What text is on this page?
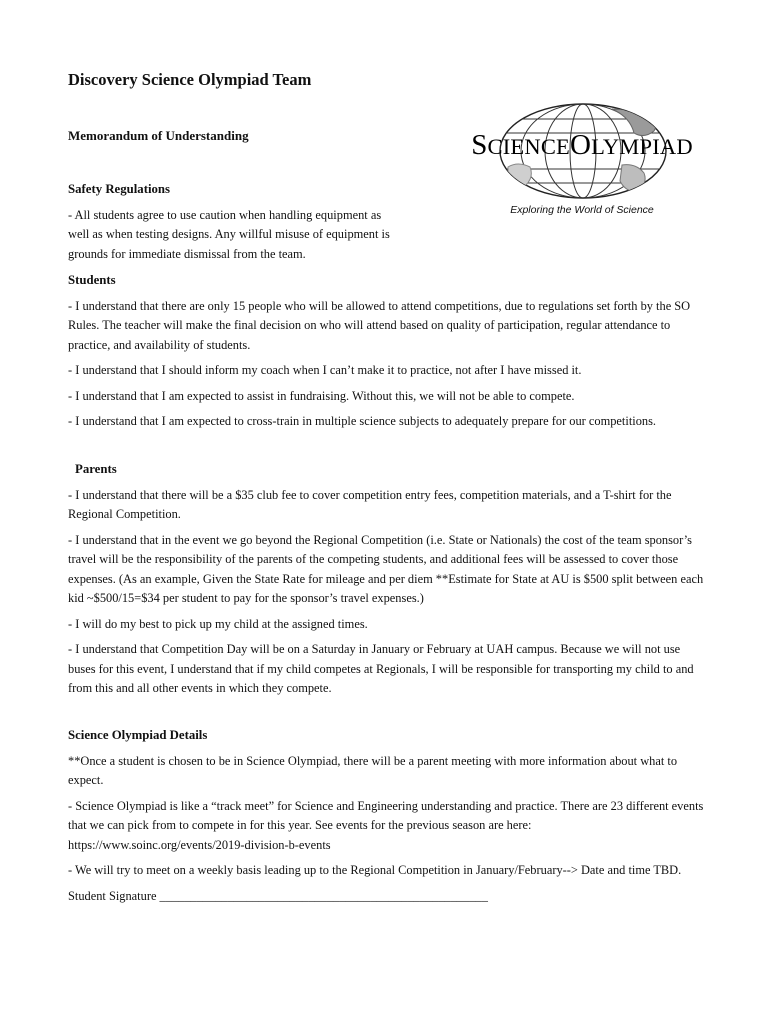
Discovery Science Olympiad Team
Memorandum of Understanding	SCIENCEOLYMPIAD
Exploring the World of Science
Safety Regulations
- All students agree to use caution when handling equipment as
well as when testing designs. Any willful misuse of equipment is
grounds for immediate dismissal from the team.
Students
- I understand that there are only 15 people who will be allowed to attend competitions, due to regulations set forth by the SO Rules. The teacher will make the final decision on who will attend based on quality of participation, regular attendance to practice, and availability of students.
- I understand that I should inform my coach when I can’t make it to practice, not after I have missed it.
- I understand that I am expected to assist in fundraising. Without this, we will not be able to compete.
- I understand that I am expected to cross-train in multiple science subjects to adequately prepare for our competitions.
Parents
- I understand that there will be a $35 club fee to cover competition entry fees, competition materials, and a T-shirt for the Regional Competition.
- I understand that in the event we go beyond the Regional Competition (i.e. State or Nationals) the cost of the team sponsor’s travel will be the responsibility of the parents of the competing students, and additional fees will be assessed to cover those expenses. (As an example, Given the State Rate for mileage and per diem **Estimate for State at AU is $500 split between each kid ~$500/15=$34 per student to pay for the sponsor’s travel expenses.)
- I will do my best to pick up my child at the assigned times.
- I understand that Competition Day will be on a Saturday in January or February at UAH campus. Because we will not use buses for this event, I understand that if my child competes at Regionals, I will be responsible for transporting my child to and from this and all other events in which they compete.
Science Olympiad Details
**Once a student is chosen to be in Science Olympiad, there will be a parent meeting with more information about what to expect.
- Science Olympiad is like a “track meet” for Science and Engineering understanding and practice. There are 23 different events that we can pick from to compete in for this year. See events for the previous season are here: https://www.soinc.org/events/2019-division-b-events
- We will try to meet on a weekly basis leading up to the Regional Competition in January/February--> Date and time TBD.
Student Signature _____________________________________________________
